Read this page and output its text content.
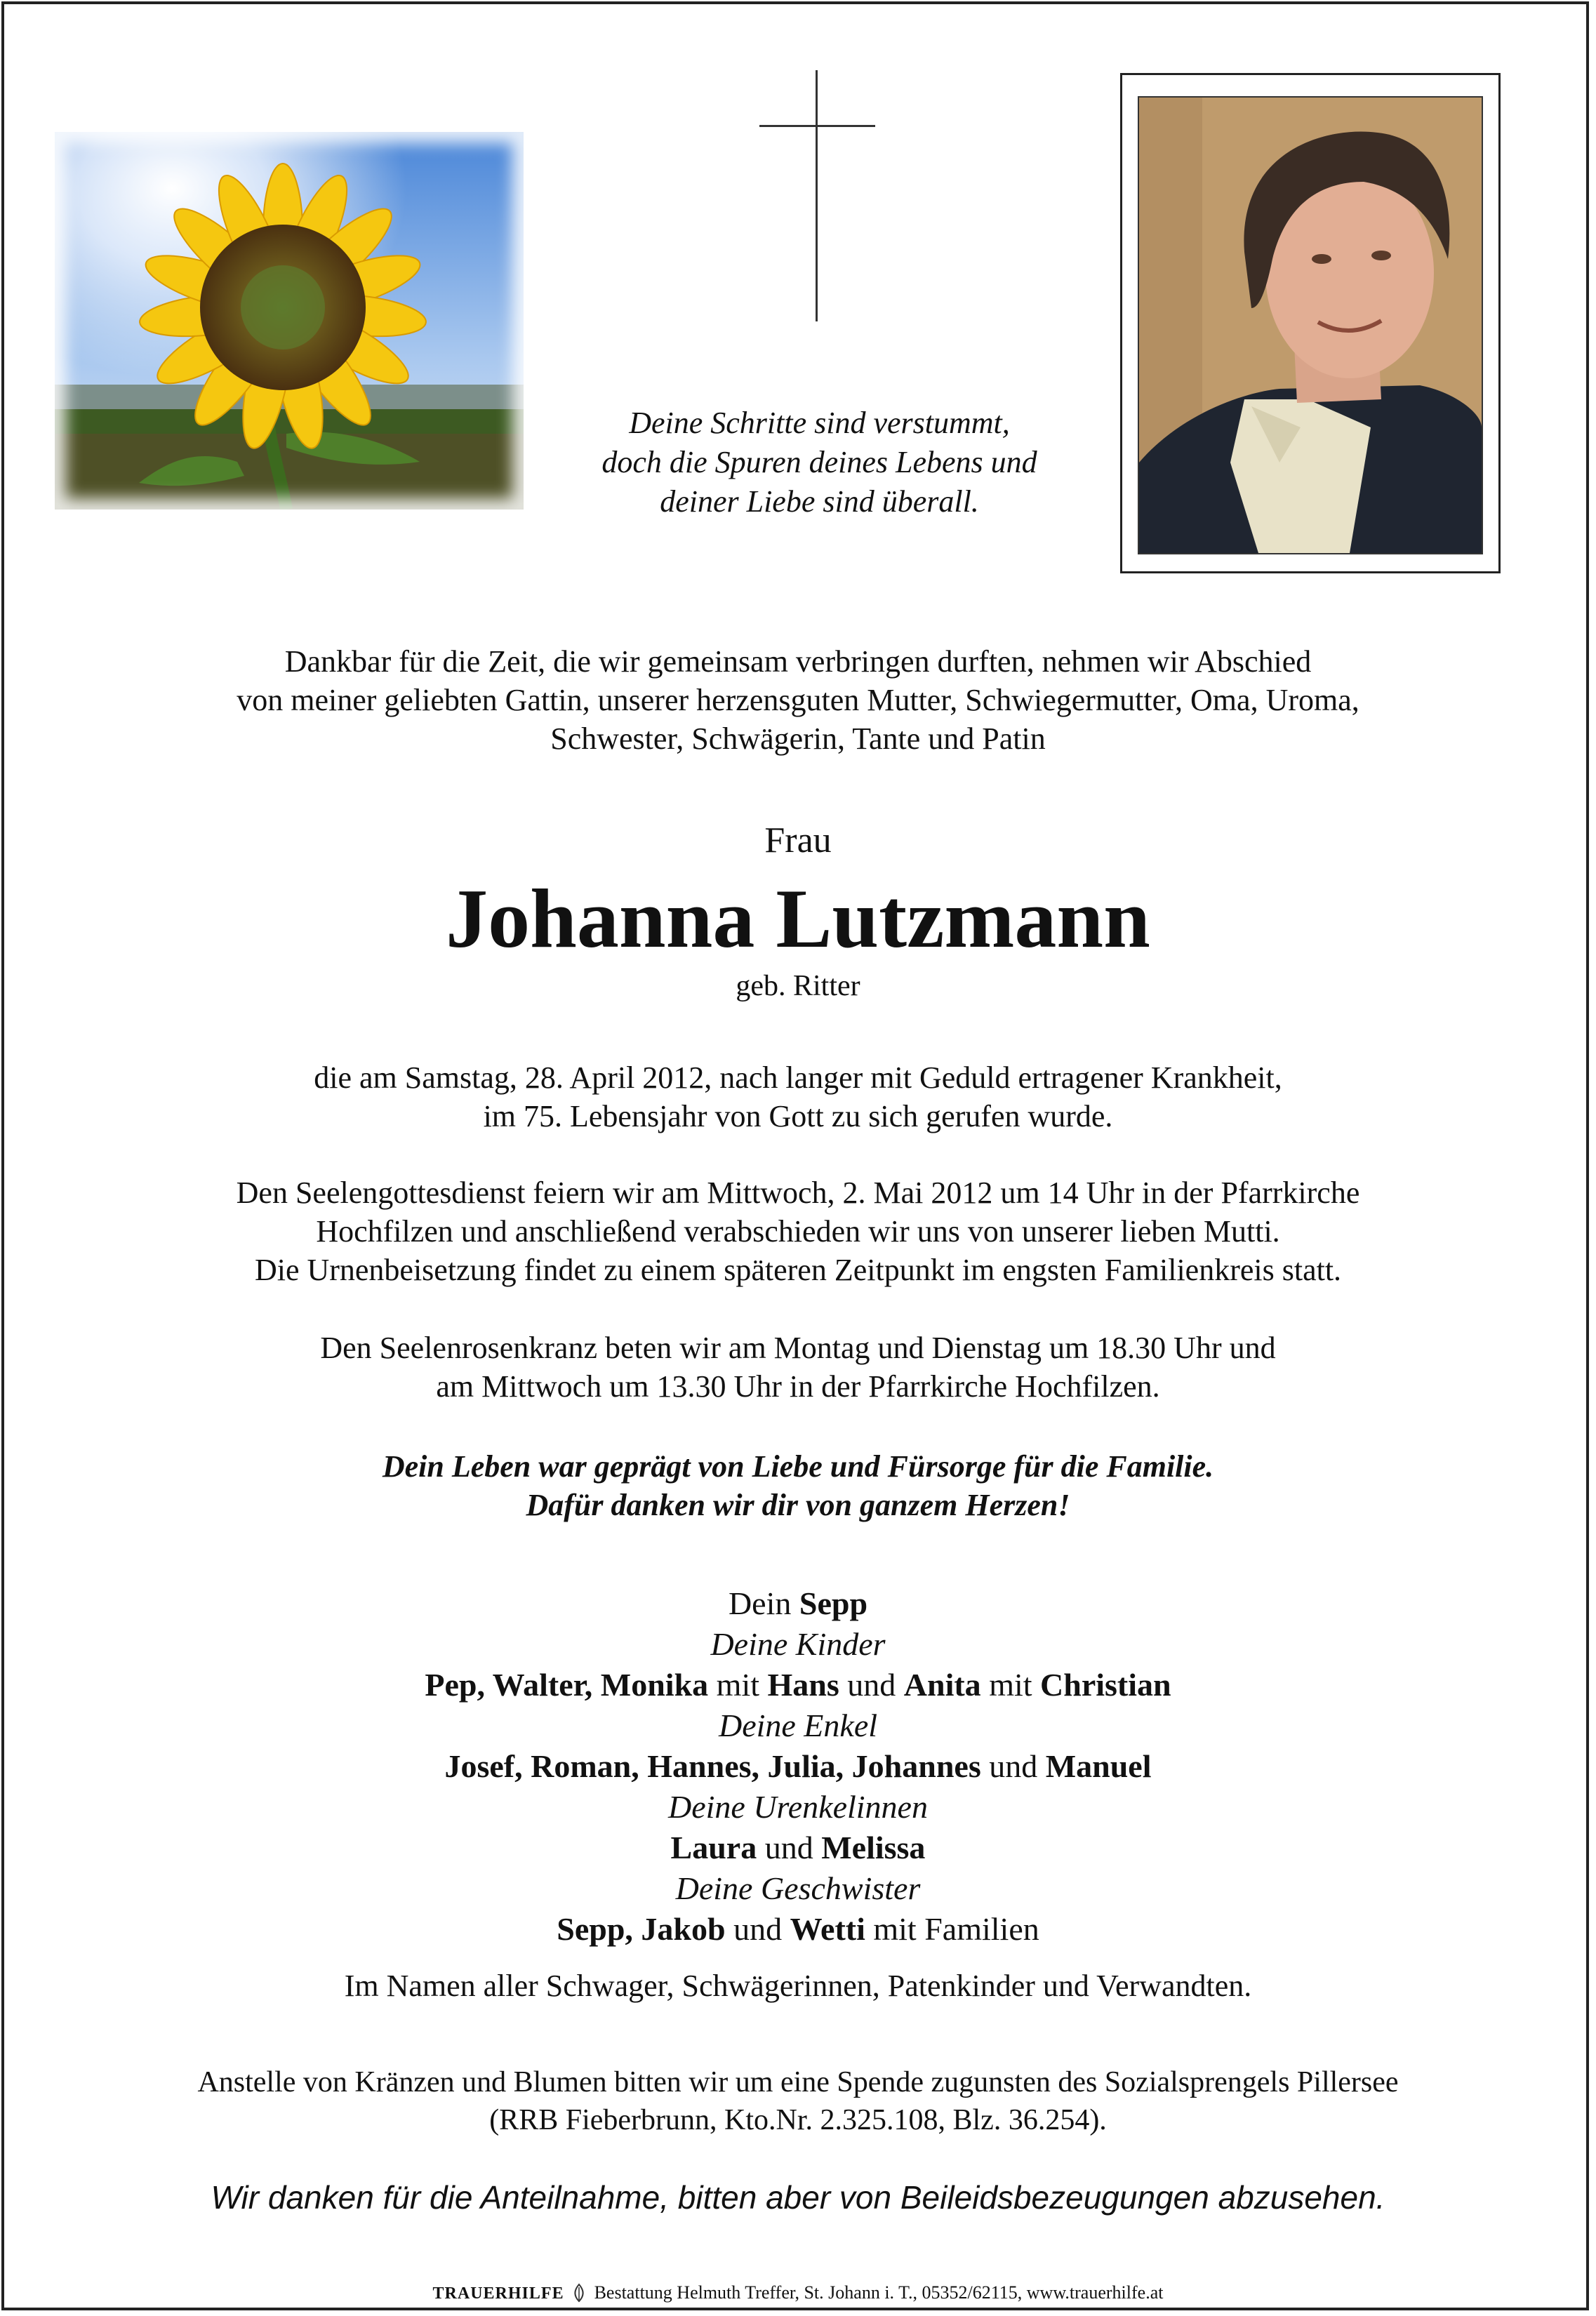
Deine Schritte sind verstummt,
doch die Spuren deines Lebens und
deiner Liebe sind überall.
Dankbar für die Zeit, die wir gemeinsam verbringen durften, nehmen wir Abschied
von meiner geliebten Gattin, unserer herzensguten Mutter, Schwiegermutter, Oma, Uroma,
Schwester, Schwägerin, Tante und Patin
Frau
Johanna Lutzmann
geb. Ritter
die am Samstag, 28. April 2012, nach langer mit Geduld ertragener Krankheit,
im 75. Lebensjahr von Gott zu sich gerufen wurde.
Den Seelengottesdienst feiern wir am Mittwoch, 2. Mai 2012 um 14 Uhr in der Pfarrkirche
Hochfilzen und anschließend verabschieden wir uns von unserer lieben Mutti.
Die Urnenbeisetzung findet zu einem späteren Zeitpunkt im engsten Familienkreis statt.
Den Seelenrosenkranz beten wir am Montag und Dienstag um 18.30 Uhr und
am Mittwoch um 13.30 Uhr in der Pfarrkirche Hochfilzen.
Dein Leben war geprägt von Liebe und Fürsorge für die Familie.
Dafür danken wir dir von ganzem Herzen!
Dein Sepp
Deine Kinder
Pep, Walter, Monika mit Hans und Anita mit Christian
Deine Enkel
Josef, Roman, Hannes, Julia, Johannes und Manuel
Deine Urenkelinnen
Laura und Melissa
Deine Geschwister
Sepp, Jakob und Wetti mit Familien
Im Namen aller Schwager, Schwägerinnen, Patenkinder und Verwandten.
Anstelle von Kränzen und Blumen bitten wir um eine Spende zugunsten des Sozialsprengels Pillersee
(RRB Fieberbrunn, Kto.Nr. 2.325.108, Blz. 36.254).
Wir danken für die Anteilnahme, bitten aber von Beileidsbezeugungen abzusehen.
TRAUERHILFE Bestattung Helmuth Treffer, St. Johann i. T., 05352/62115, www.trauerhilfe.at
